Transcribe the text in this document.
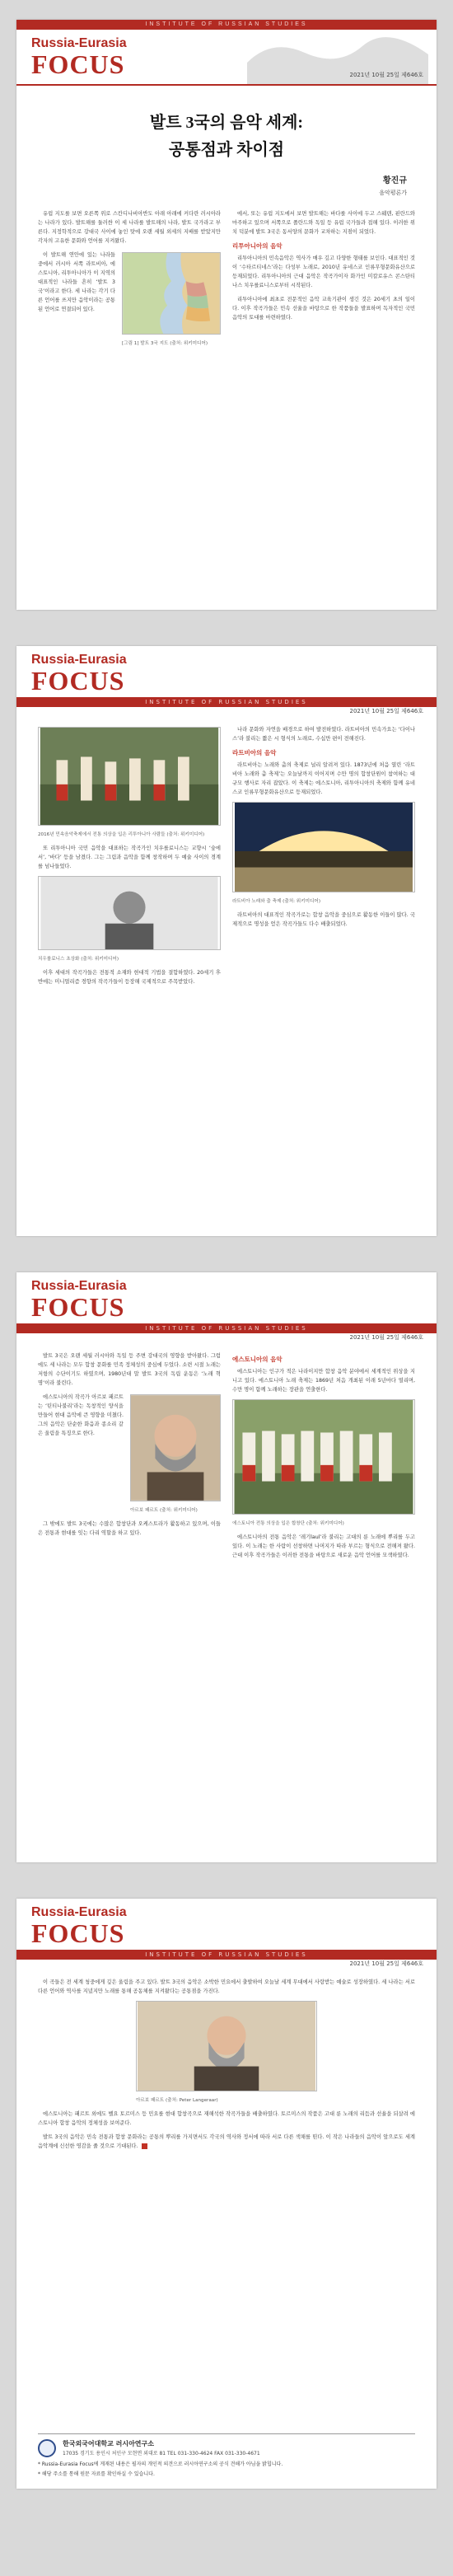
INSTITUTE OF RUSSIAN STUDIES
Russia-Eurasia
FOCUS	2021년 10월 25일 제646호
발트 3국의 음악 세계:
공통점과 차이점
황진규
음악평론가

유럽 지도를 보면 오른쪽 위로 스칸디나비아반도 아래 아래에 커다란 러시아라는 나라가 있다. 발트해를 둘러싼 이 세 나라를 발트해의 나라, 발트 국가라고 부른다. 지정학적으로 강대국 사이에 놓인 탓에 오랜 세월 외세의 지배를 받았지만 각자의 고유한 문화와 언어를 지켜왔다.

이 발트해 연안에 있는 나라들 중에서 러시아 서쪽 라트비아, 에스토니아, 리투아니아가 이 지역의 대표적인 나라들 흔히 ‘발트 3국’이라고 한다. 세 나라는 각기 다른 언어를 쓰지만 음악이라는 공통된 언어로 연결되어 있다.

[그림 1] 발트 3국 지도 (출처: 위키미디어)

에서, 또는 유럽 지도에서 보면 발트해는 바다를 사이에 두고 스웨덴, 핀란드와 마주하고 있으며 서쪽으로 폴란드와 독일 등 유럽 국가들과 접해 있다. 이러한 위치 덕분에 발트 3국은 동서양의 문화가 교차하는 지점이 되었다.

리투아니아의 음악

리투아니아의 민속음악은 역사가 매우 깊고 다양한 형태를 보인다. 대표적인 것이 ‘수타르티네스’라는 다성부 노래로, 2010년 유네스코 인류무형문화유산으로 등재되었다. 리투아니아의 근대 음악은 작곡가이자 화가인 미칼로유스 콘스탄티나스 치우를료니스로부터 시작된다.

리투아니아에 최초로 전문적인 음악 교육기관이 생긴 것은 20세기 초의 일이다. 이후 작곡가들은 민속 선율을 바탕으로 한 작품들을 발표하며 독자적인 국민 음악의 토대를 마련하였다.

Russia-Eurasia
FOCUS
INSTITUTE OF RUSSIAN STUDIES
2021년 10월 25일 제646호
2016년 민속음악축제에서 전통 의상을 입은 리투아니아 사람들 (출처: 위키미디어)

또 리투아니아 국민 음악을 대표하는 작곡가인 치우를료니스는 교향시 ‘숲에서’, ‘바다’ 등을 남겼다. 그는 그림과 음악을 함께 창작하며 두 예술 사이의 경계를 넘나들었다.

치우를료니스 초상화 (출처: 위키미디어)

이후 세대의 작곡가들은 전통적 소재와 현대적 기법을 결합하였다. 20세기 후반에는 미니멀리즘 경향의 작곡가들이 등장해 국제적으로 주목받았다.

나라 문화와 자연을 배경으로 하여 발전하였다. 라트비아의 민속가요는 ‘다이나스’라 불리는 짧은 시 형식의 노래로, 수십만 편이 전해진다.

라트비아의 음악

라트비아는 노래와 춤의 축제로 널리 알려져 있다. 1873년에 처음 열린 ‘라트비아 노래와 춤 축제’는 오늘날까지 이어지며 수만 명의 합창단원이 참여하는 대규모 행사로 자리 잡았다. 이 축제는 에스토니아, 리투아니아의 축제와 함께 유네스코 인류무형문화유산으로 등재되었다.

라트비아 노래와 춤 축제 (출처: 위키미디어)

라트비아의 대표적인 작곡가로는 합창 음악을 중심으로 활동한 이들이 많다. 국제적으로 명성을 얻은 작곡가들도 다수 배출되었다.

Russia-Eurasia
FOCUS
INSTITUTE OF RUSSIAN STUDIES
2021년 10월 25일 제646호

발트 3국은 오랜 세월 러시아와 독일 등 주변 강대국의 영향을 받아왔다. 그럼에도 세 나라는 모두 합창 문화를 민족 정체성의 중심에 두었다. 소련 시절 노래는 저항의 수단이기도 하였으며, 1980년대 말 발트 3국의 독립 운동은 ‘노래 혁명’이라 불린다.

에스토니아의 작곡가 아르보 패르트는 ‘틴티나불리’라는 독창적인 양식을 만들어 현대 음악에 큰 영향을 미쳤다. 그의 음악은 단순한 화음과 종소리 같은 울림을 특징으로 한다.

아르보 패르트 (출처: 위키미디어)

그 밖에도 발트 3국에는 수많은 합창단과 오케스트라가 활동하고 있으며, 이들은 전통과 현대를 잇는 다리 역할을 하고 있다.

에스토니아의 음악

에스토니아는 인구가 적은 나라이지만 합창 음악 분야에서 세계적인 위상을 지니고 있다. 에스토니아 노래 축제는 1869년 처음 개최된 이래 5년마다 열리며, 수만 명이 함께 노래하는 장관을 연출한다.

에스토니아 전통 의상을 입은 합창단 (출처: 위키미디어)

에스토니아의 전통 음악은 ‘레기laul’라 불리는 고대의 룬 노래에 뿌리를 두고 있다. 이 노래는 한 사람이 선창하면 나머지가 따라 부르는 형식으로 전해져 왔다. 근대 이후 작곡가들은 이러한 전통을 바탕으로 새로운 음악 언어를 모색하였다.

Russia-Eurasia
FOCUS
INSTITUTE OF RUSSIAN STUDIES
2021년 10월 25일 제646호

이 곡들은 전 세계 청중에게 깊은 울림을 주고 있다. 발트 3국의 음악은 소박한 민요에서 출발하여 오늘날 세계 무대에서 사랑받는 예술로 성장하였다. 세 나라는 서로 다른 언어와 역사를 지녔지만 노래를 통해 공동체를 지켜왔다는 공통점을 가진다.

아르보 패르트 (출처: Peter Langeraar)

에스토니아는 패르트 외에도 벨요 토르미스 등 민요를 현대 합창곡으로 재해석한 작곡가들을 배출하였다. 토르미스의 작품은 고대 룬 노래의 리듬과 선율을 되살려 에스토니아 합창 음악의 정체성을 보여준다.

발트 3국의 음악은 민속 전통과 합창 문화라는 공통의 뿌리를 가지면서도 각국의 역사와 정서에 따라 서로 다른 색채를 띤다. 이 작은 나라들의 음악이 앞으로도 세계 음악계에 신선한 영감을 줄 것으로 기대된다.

한국외국어대학교 러시아연구소
17035 경기도 용인시 처인구 모현면 외대로 81 TEL 031-330-4624 FAX 031-330-4671
* Russia-Eurasia Focus에 게재된 내용은 필자의 개인적 의견으로 러시아연구소의 공식 견해가 아님을 밝힙니다.
* 해당 주소를 통해 원문 자료를 확인하실 수 있습니다.
